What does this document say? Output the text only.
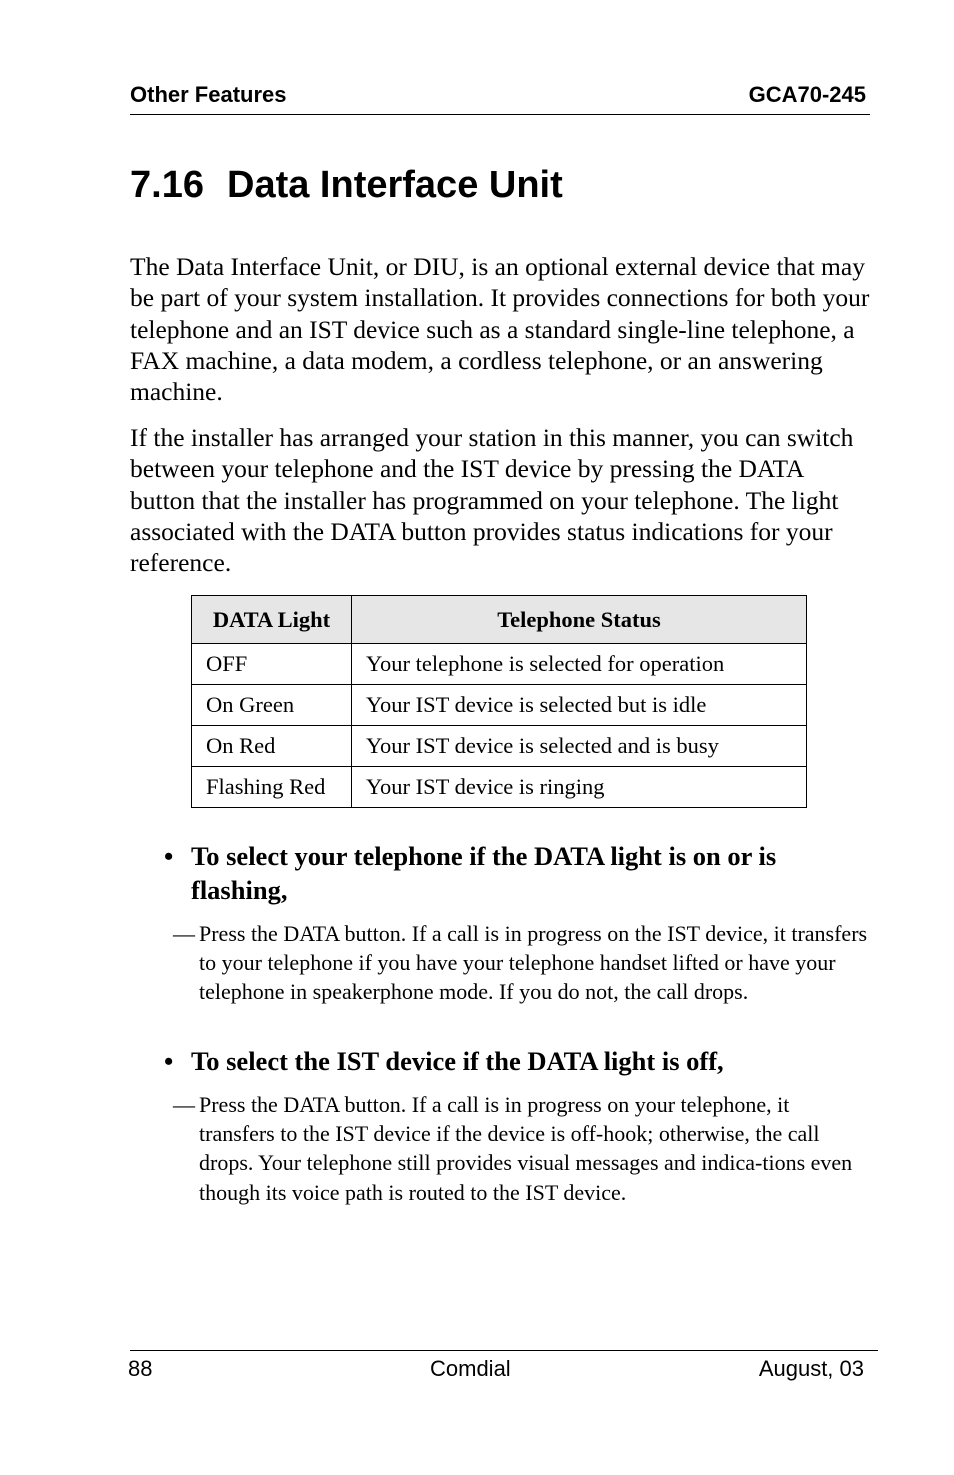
Other Features	GCA70-245
7.16 Data Interface Unit

The Data Interface Unit, or DIU, is an optional external device that may be part of your system installation. It provides connections for both your telephone and an IST device such as a standard single-line telephone, a FAX machine, a data modem, a cordless telephone, or an answering machine.

If the installer has arranged your station in this manner, you can switch between your telephone and the IST device by pressing the DATA button that the installer has programmed on your telephone. The light associated with the DATA button provides status indications for your reference.

DATA Light	Telephone Status
OFF	Your telephone is selected for operation
On Green	Your IST device is selected but is idle
On Red	Your IST device is selected and is busy
Flashing Red	Your IST device is ringing
• To select your telephone if the DATA light is on or is flashing,
— Press the DATA button. If a call is in progress on the IST device, it transfers to your telephone if you have your telephone handset lifted or have your telephone in speakerphone mode. If you do not, the call drops.
• To select the IST device if the DATA light is off,
— Press the DATA button. If a call is in progress on your telephone, it transfers to the IST device if the device is off-hook; otherwise, the call drops. Your telephone still provides visual messages and indica-tions even though its voice path is routed to the IST device.
88	Comdial	August, 03
